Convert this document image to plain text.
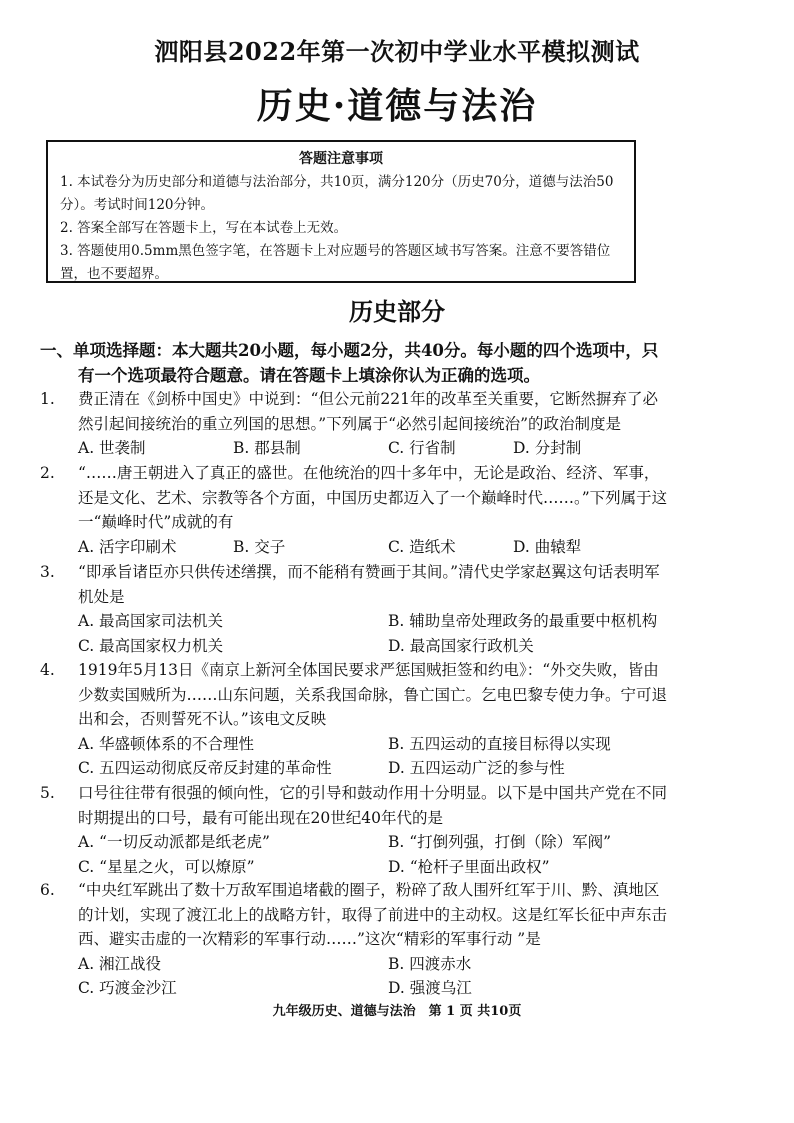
泗阳县2022年第一次初中学业水平模拟测试
历史·道德与法治
答题注意事项
1. 本试卷分为历史部分和道德与法治部分，共10页，满分120分（历史70分，道德与法治50分）。考试时间120分钟。
2. 答案全部写在答题卡上，写在本试卷上无效。
3. 答题使用0.5mm黑色签字笔，在答题卡上对应题号的答题区域书写答案。注意不要答错位置，也不要超界。
历史部分
一、单项选择题：本大题共20小题，每小题2分，共40分。每小题的四个选项中，只
有一个选项最符合题意。请在答题卡上填涂你认为正确的选项。
1. 费正清在《剑桥中国史》中说到：“但公元前221年的改革至关重要，它断然摒弃了必然引起间接统治的重立列国的思想。”下列属于“必然引起间接统治”的政治制度是
A. 世袭制	B. 郡县制	C. 行省制	D. 分封制
2. “……唐王朝进入了真正的盛世。在他统治的四十多年中，无论是政治、经济、军事，还是文化、艺术、宗教等各个方面，中国历史都迈入了一个巅峰时代……。”下列属于这一“巅峰时代”成就的有
A. 活字印刷术	B. 交子	C. 造纸术	D. 曲辕犁
3. “即承旨诸臣亦只供传述缮撰，而不能稍有赞画于其间。”清代史学家赵翼这句话表明军机处是
A. 最高国家司法机关	B. 辅助皇帝处理政务的最重要中枢机构
C. 最高国家权力机关	D. 最高国家行政机关
4. 1919年5月13日《南京上新河全体国民要求严惩国贼拒签和约电》：“外交失败，皆由少数卖国贼所为……山东问题，关系我国命脉，鲁亡国亡。乞电巴黎专使力争。宁可退出和会，否则誓死不认。”该电文反映
A. 华盛顿体系的不合理性	B. 五四运动的直接目标得以实现
C. 五四运动彻底反帝反封建的革命性	D. 五四运动广泛的参与性
5. 口号往往带有很强的倾向性，它的引导和鼓动作用十分明显。以下是中国共产党在不同时期提出的口号，最有可能出现在20世纪40年代的是
A. “一切反动派都是纸老虎”	B. “打倒列强，打倒（除）军阀”
C. “星星之火，可以燎原”	D. “枪杆子里面出政权”
6. “中央红军跳出了数十万敌军围追堵截的圈子，粉碎了敌人围歼红军于川、黔、滇地区的计划，实现了渡江北上的战略方针，取得了前进中的主动权。这是红军长征中声东击西、避实击虚的一次精彩的军事行动……”这次“精彩的军事行动 ”是
A. 湘江战役	B. 四渡赤水
C. 巧渡金沙江	D. 强渡乌江
九年级历史、道德与法治　第 1 页 共10页
